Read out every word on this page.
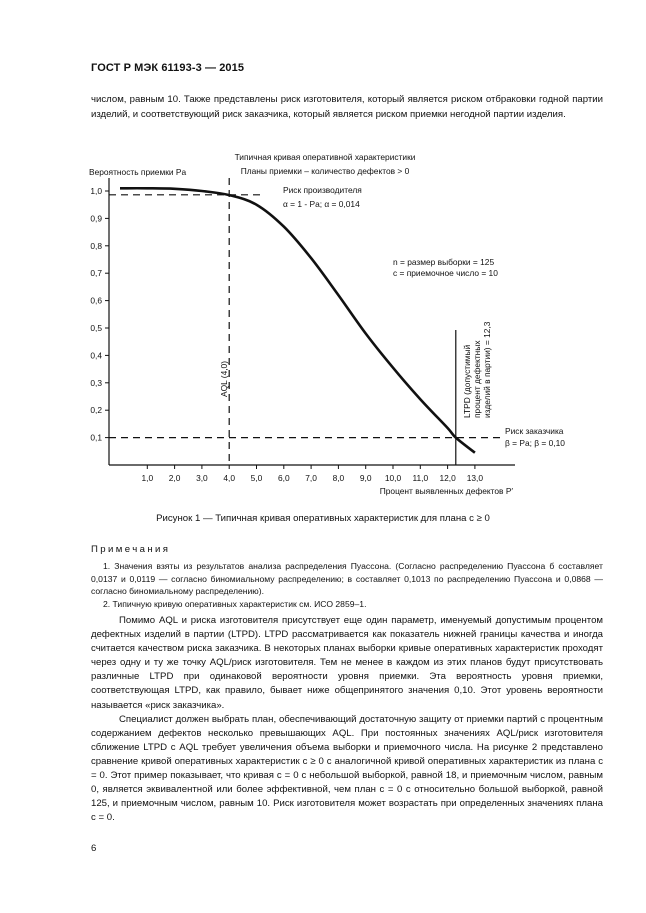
ГОСТ Р МЭК 61193-3 — 2015
числом, равным 10. Также представлены риск изготовителя, который является риском отбраковки годной партии изделий, и соответствующий риск заказчика, который является риском приемки негодной партии изделия.
Типичная кривая оперативной характеристики
Планы приемки – количество дефектов > 0
Вероятность приемки Pa
1,0
0,9
0,8
0,7
0,6
0,5
0,4
0,3
0,2
0,1
1,0 2,0 3,0 4,0 5,0 6,0 7,0 8,0 9,0 10,0 11,0 12,0 13,0
Риск производителя
α = 1 - Pa; α = 0,014
n = размер выборки = 125
c = приемочное число = 10
AQL (4,0)	LTPD (допустимый процент дефектных изделий в партии) = 12,3
Риск заказчика
β = Pa; β = 0,10
Процент выявленных дефектов P′
Рисунок 1 — Типичная кривая оперативных характеристик для плана c ≥ 0
Примечания

1. Значения взяты из результатов анализа распределения Пуассона. (Согласно распределению Пуассона б составляет 0,0137 и 0,0119 — согласно биномиальному распределению; в составляет 0,1013 по распределению Пуассона и 0,0868 — согласно биномиальному распределению).

2. Типичную кривую оперативных характеристик см. ИСО 2859–1.

Помимо AQL и риска изготовителя присутствует еще один параметр, именуемый допустимым процентом дефектных изделий в партии (LTPD). LTPD рассматривается как показатель нижней границы качества и иногда считается качеством риска заказчика. В некоторых планах выборки кривые оперативных характеристик проходят через одну и ту же точку AQL/риск изготовителя. Тем не менее в каждом из этих планов будут присутствовать различные LTPD при одинаковой вероятности уровня приемки. Эта вероятность уровня приемки, соответствующая LTPD, как правило, бывает ниже общепринятого значения 0,10. Этот уровень вероятности называется «риск заказчика».

Специалист должен выбрать план, обеспечивающий достаточную защиту от приемки партий с процентным содержанием дефектов несколько превышающих AQL. При постоянных значениях AQL/риск изготовителя сближение LTPD с AQL требует увеличения объема выборки и приемочного числа. На рисунке 2 представлено сравнение кривой оперативных характеристик c ≥ 0 с аналогичной кривой оперативных характеристик из плана c = 0. Этот пример показывает, что кривая c = 0 с небольшой выборкой, равной 18, и приемочным числом, равным 0, является эквивалентной или более эффективной, чем план c = 0 с относительно большой выборкой, равной 125, и приемочным числом, равным 10. Риск изготовителя может возрастать при определенных значениях плана c = 0.

6
